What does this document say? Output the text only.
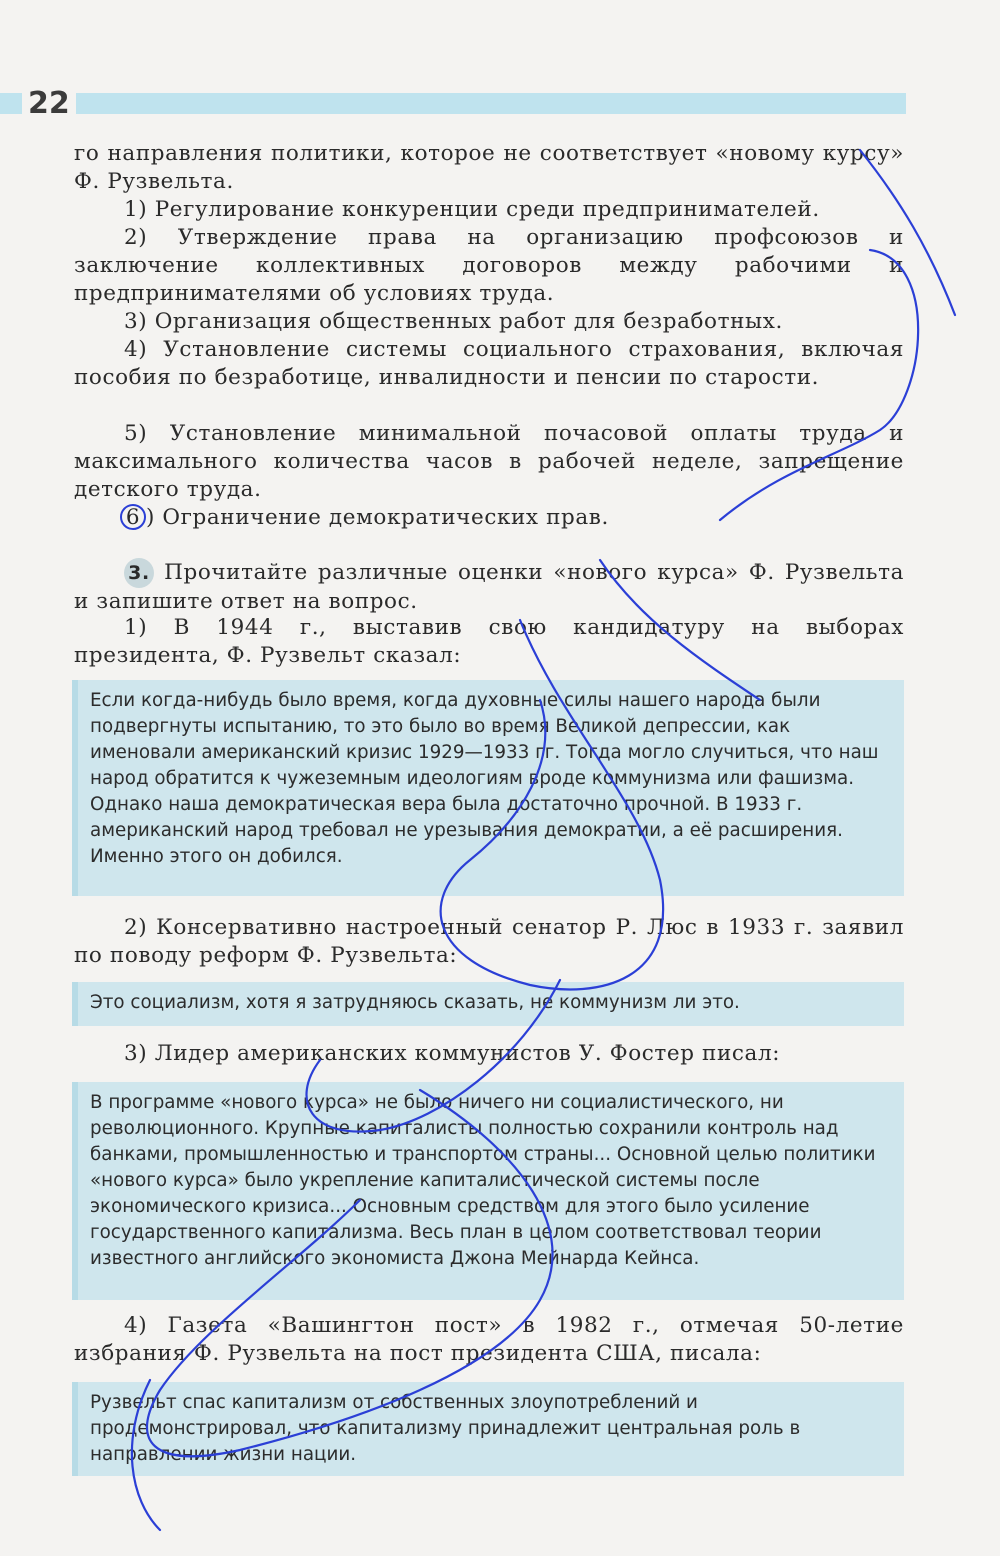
22

го направления политики, которое не соответствует «новому курсу» Ф. Рузвельта.

1) Регулирование конкуренции среди предпринимателей.

2) Утверждение права на организацию профсоюзов и заключение коллективных договоров между рабочими и предпринимателями об условиях труда.

3) Организация общественных работ для безработных.

4) Установление системы социального страхования, включая пособия по безработице, инвалидности и пенсии по старости.

5) Установление минимальной почасовой оплаты труда и максимального количества часов в рабочей неделе, запрещение детского труда.

6 ) Ограничение демократических прав.

3. Прочитайте различные оценки «нового курса» Ф. Рузвельта и запишите ответ на вопрос.

1) В 1944 г., выставив свою кандидатуру на выборах президента, Ф. Рузвельт сказал:

Если когда-нибудь было время, когда духовные силы нашего народа были подвергнуты испытанию, то это было во время Великой депрессии, как именовали американский кризис 1929—1933 гг. Тогда могло случиться, что наш народ обратится к чужеземным идеологиям вроде коммунизма или фашизма. Однако наша демократическая вера была достаточно прочной. В 1933 г. американский народ требовал не урезывания демократии, а её расширения. Именно этого он добился.

2) Консервативно настроенный сенатор Р. Люс в 1933 г. заявил по поводу реформ Ф. Рузвельта:

Это социализм, хотя я затрудняюсь сказать, не коммунизм ли это.

3) Лидер американских коммунистов У. Фостер писал:

В программе «нового курса» не было ничего ни социалистического, ни революционного. Крупные капиталисты полностью сохранили контроль над банками, промышленностью и транспортом страны... Основной целью политики «нового курса» было укрепление капиталистической системы после экономического кризиса... Основным средством для этого было усиление государственного капитализма. Весь план в целом соответствовал теории известного английского экономиста Джона Мейнарда Кейнса.

4) Газета «Вашингтон пост» в 1982 г., отмечая 50-летие избрания Ф. Рузвельта на пост президента США, писала:

Рузвельт спас капитализм от собственных злоупотреблений и продемонстрировал, что капитализму принадлежит центральная роль в направлении жизни нации.
